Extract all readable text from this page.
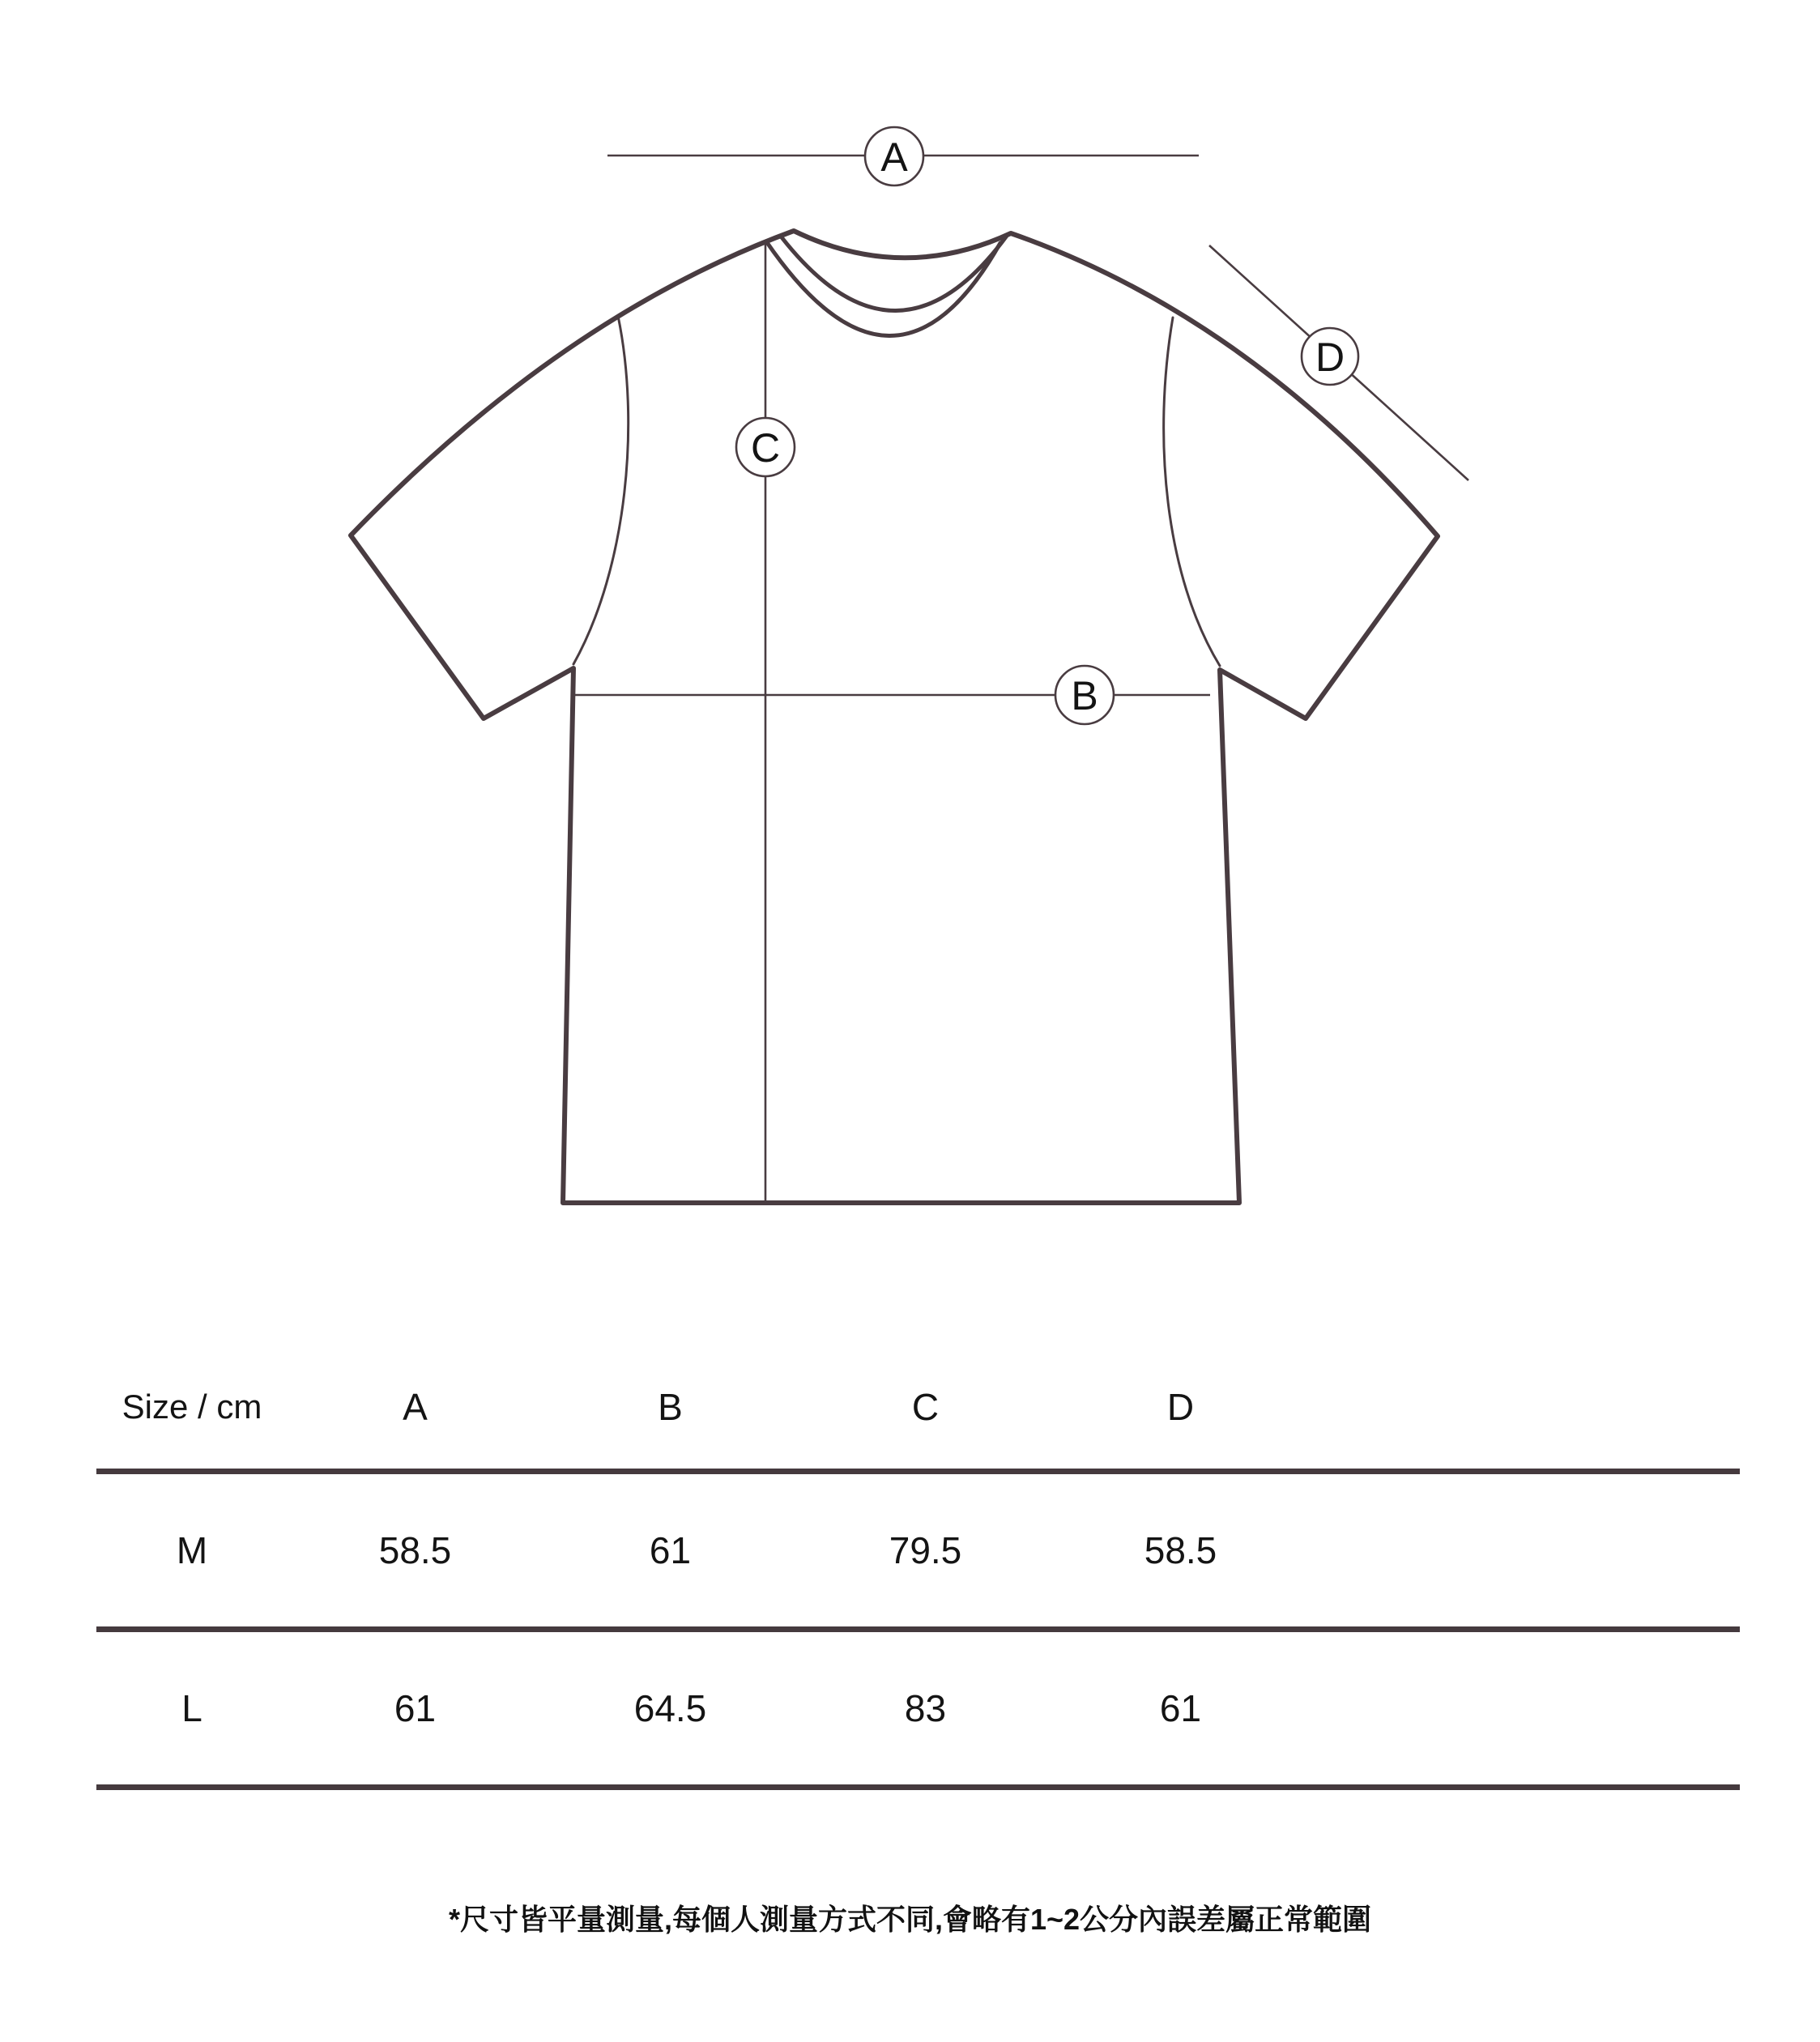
A
C
B
D
Size / cm	A	B	C	D
M	58.5	61	79.5	58.5
L	61	64.5	83	61
*尺寸皆平量測量,每個人測量方式不同,會略有1~2公分內誤差屬正常範圍
